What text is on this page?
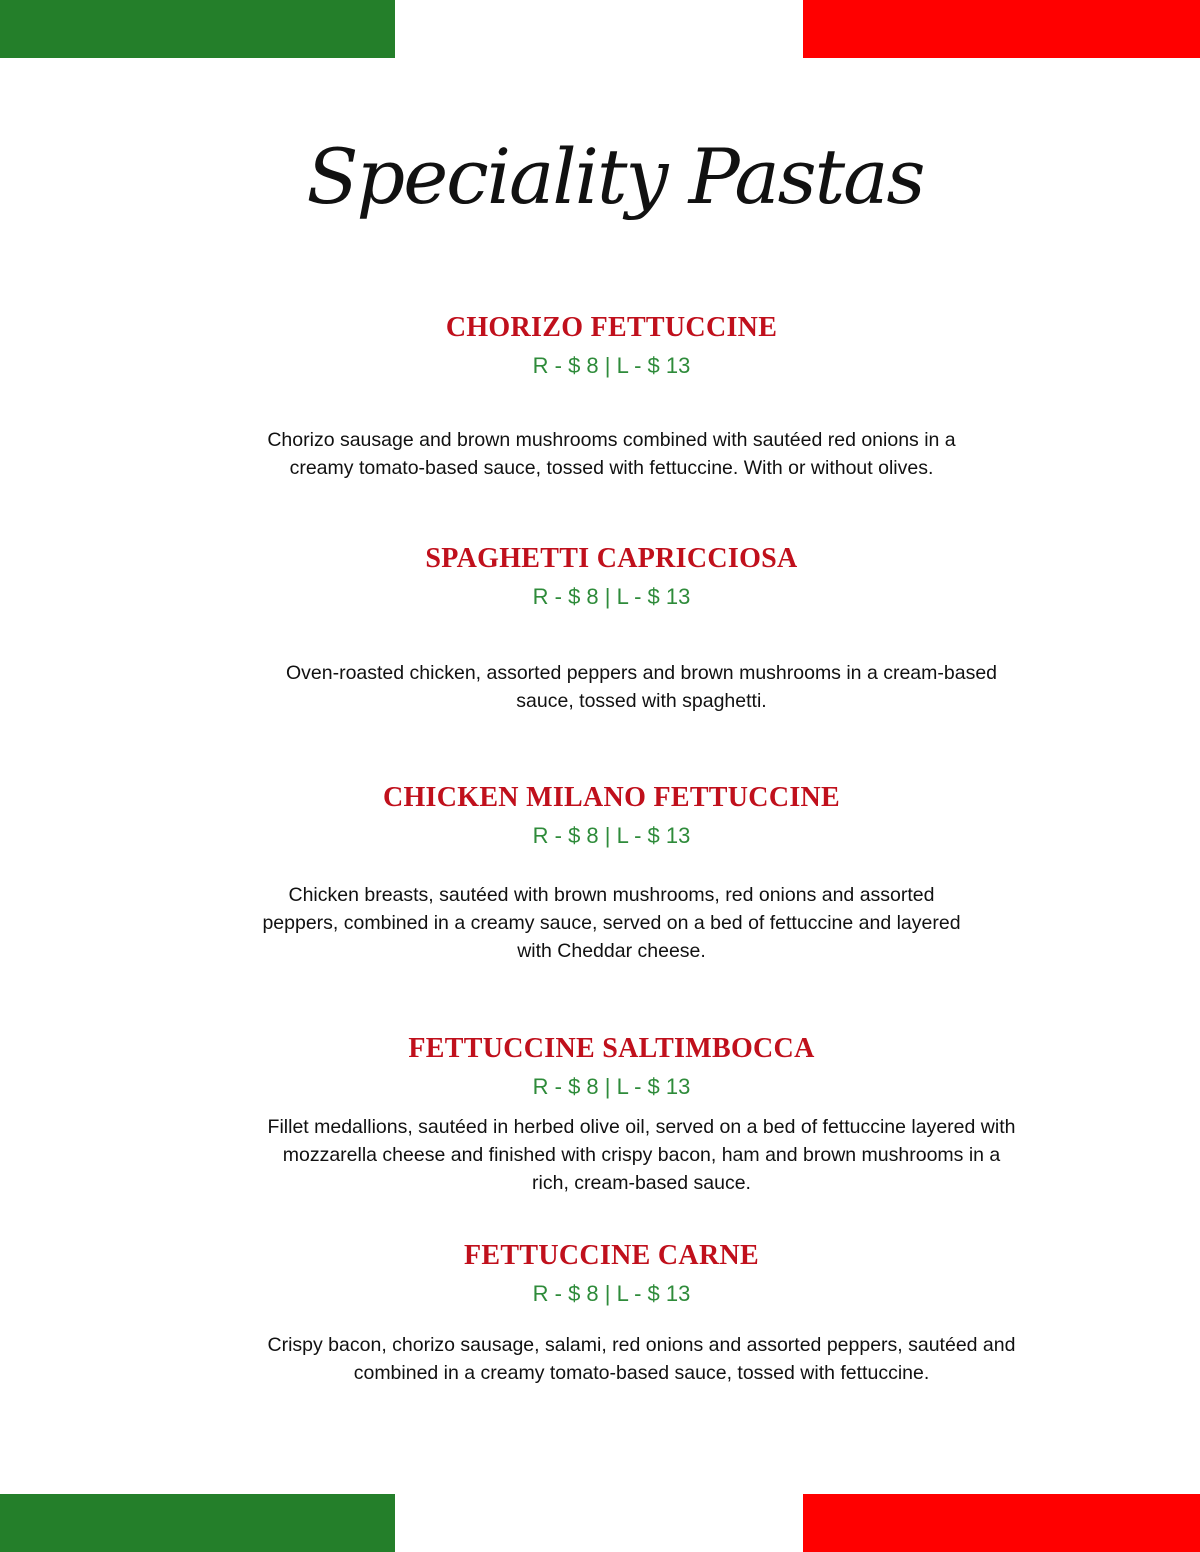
Speciality Pastas
CHORIZO FETTUCCINE
R - $ 8 | L - $ 13
Chorizo sausage and brown mushrooms combined with sautéed red onions in a
creamy tomato-based sauce, tossed with fettuccine. With or without olives.
SPAGHETTI CAPRICCIOSA
R - $ 8 | L - $ 13
Oven-roasted chicken, assorted peppers and brown mushrooms in a cream-based
sauce, tossed with spaghetti.
CHICKEN MILANO FETTUCCINE
R - $ 8 | L - $ 13
Chicken breasts, sautéed with brown mushrooms, red onions and assorted
peppers, combined in a creamy sauce, served on a bed of fettuccine and layered
with Cheddar cheese.
FETTUCCINE SALTIMBOCCA
R - $ 8 | L - $ 13
Fillet medallions, sautéed in herbed olive oil, served on a bed of fettuccine layered with
mozzarella cheese and finished with crispy bacon, ham and brown mushrooms in a
rich, cream-based sauce.
FETTUCCINE CARNE
R - $ 8 | L - $ 13
Crispy bacon, chorizo sausage, salami, red onions and assorted peppers, sautéed and
combined in a creamy tomato-based sauce, tossed with fettuccine.
